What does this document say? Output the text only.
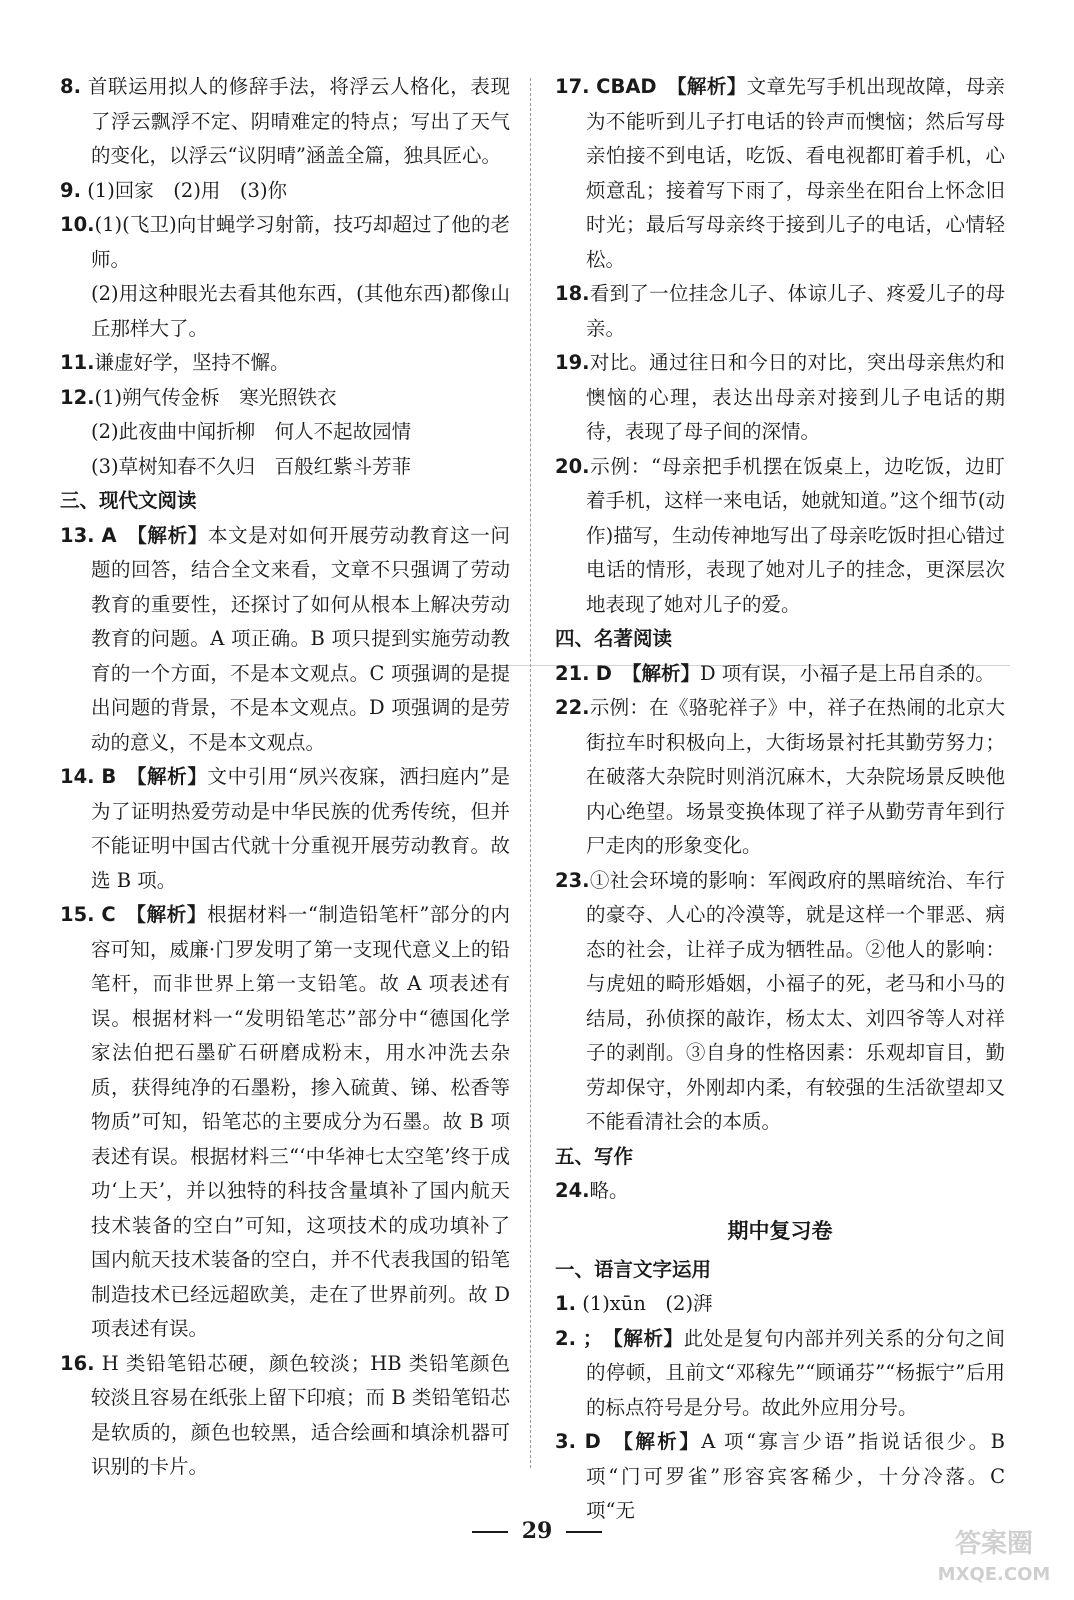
8. 首联运用拟人的修辞手法，将浮云人格化，表现了浮云飘浮不定、阴晴难定的特点；写出了天气的变化，以浮云“议阴晴”涵盖全篇，独具匠心。
9. (1)回家　(2)用　(3)你
10.(1)(飞卫)向甘蝇学习射箭，技巧却超过了他的老师。
(2)用这种眼光去看其他东西，(其他东西)都像山丘那样大了。
11.谦虚好学，坚持不懈。
12.(1)朔气传金柝　寒光照铁衣
(2)此夜曲中闻折柳　何人不起故园情
(3)草树知春不久归　百般红紫斗芳菲
三、现代文阅读
13. A 【解析】本文是对如何开展劳动教育这一问题的回答，结合全文来看，文章不只强调了劳动教育的重要性，还探讨了如何从根本上解决劳动教育的问题。A 项正确。B 项只提到实施劳动教育的一个方面，不是本文观点。C 项强调的是提出问题的背景，不是本文观点。D 项强调的是劳动的意义，不是本文观点。
14. B 【解析】文中引用“夙兴夜寐，洒扫庭内”是为了证明热爱劳动是中华民族的优秀传统，但并不能证明中国古代就十分重视开展劳动教育。故选 B 项。
15. C 【解析】根据材料一“制造铅笔杆”部分的内容可知，威廉·门罗发明了第一支现代意义上的铅笔杆，而非世界上第一支铅笔。故 A 项表述有误。根据材料一“发明铅笔芯”部分中“德国化学家法伯把石墨矿石研磨成粉末，用水冲洗去杂质，获得纯净的石墨粉，掺入硫黄、锑、松香等物质”可知，铅笔芯的主要成分为石墨。故 B 项表述有误。根据材料三“‘中华神七太空笔’终于成功‘上天’，并以独特的科技含量填补了国内航天技术装备的空白”可知，这项技术的成功填补了国内航天技术装备的空白，并不代表我国的铅笔制造技术已经远超欧美，走在了世界前列。故 D 项表述有误。
16. H 类铅笔铅芯硬，颜色较淡；HB 类铅笔颜色较淡且容易在纸张上留下印痕；而 B 类铅笔铅芯是软质的，颜色也较黑，适合绘画和填涂机器可识别的卡片。
17. CBAD 【解析】文章先写手机出现故障，母亲为不能听到儿子打电话的铃声而懊恼；然后写母亲怕接不到电话，吃饭、看电视都盯着手机，心烦意乱；接着写下雨了，母亲坐在阳台上怀念旧时光；最后写母亲终于接到儿子的电话，心情轻松。
18.看到了一位挂念儿子、体谅儿子、疼爱儿子的母亲。
19.对比。通过往日和今日的对比，突出母亲焦灼和懊恼的心理，表达出母亲对接到儿子电话的期待，表现了母子间的深情。
20.示例：“母亲把手机摆在饭桌上，边吃饭，边盯着手机，这样一来电话，她就知道。”这个细节(动作)描写，生动传神地写出了母亲吃饭时担心错过电话的情形，表现了她对儿子的挂念，更深层次地表现了她对儿子的爱。
四、名著阅读
21. D 【解析】D 项有误，小福子是上吊自杀的。
22.示例：在《骆驼祥子》中，祥子在热闹的北京大街拉车时积极向上，大街场景衬托其勤劳努力；在破落大杂院时则消沉麻木，大杂院场景反映他内心绝望。场景变换体现了祥子从勤劳青年到行尸走肉的形象变化。
23.①社会环境的影响：军阀政府的黑暗统治、车行的豪夺、人心的冷漠等，就是这样一个罪恶、病态的社会，让祥子成为牺牲品。②他人的影响：与虎妞的畸形婚姻，小福子的死，老马和小马的结局，孙侦探的敲诈，杨太太、刘四爷等人对祥子的剥削。③自身的性格因素：乐观却盲目，勤劳却保守，外刚却内柔，有较强的生活欲望却又不能看清社会的本质。
五、写作
24.略。
期中复习卷
一、语言文字运用
1. (1)xūn　(2)湃
2. ； 【解析】此处是复句内部并列关系的分句之间的停顿，且前文“邓稼先”“顾诵芬”“杨振宁”后用的标点符号是分号。故此外应用分号。
3. D 【解析】A 项“寡言少语”指说话很少。B 项“门可罗雀”形容宾客稀少，十分冷落。C 项“无
29	答案圈
MXQE.COM
